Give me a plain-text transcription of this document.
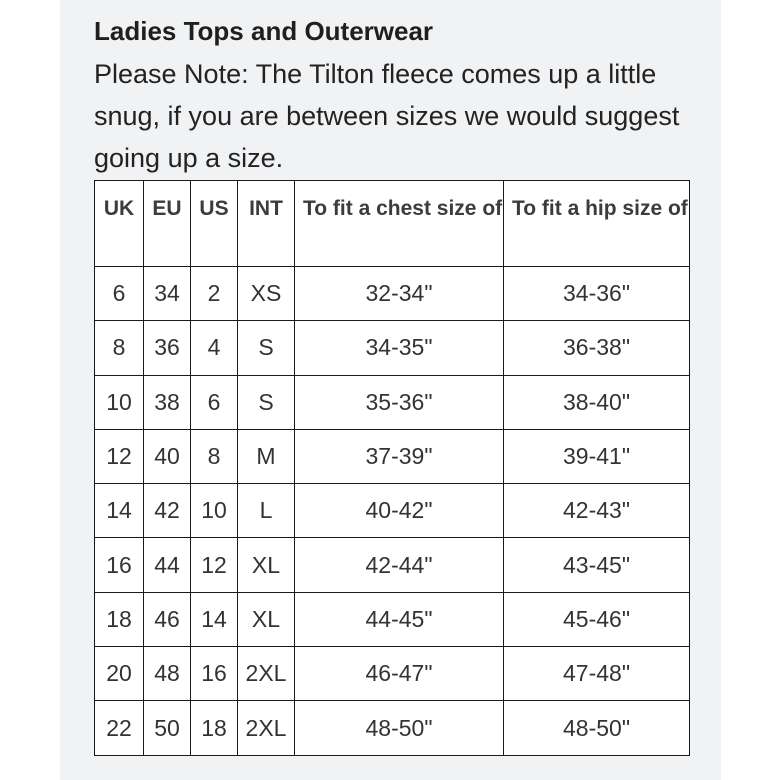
Ladies Tops and Outerwear
Please Note: The Tilton fleece comes up a little snug, if you are between sizes we would suggest going up a size.
UK	EU	US	INT	To fit a chest size of	To fit a hip size of
6	34	2	XS	32-34"	34-36"
8	36	4	S	34-35"	36-38"
10	38	6	S	35-36"	38-40"
12	40	8	M	37-39"	39-41"
14	42	10	L	40-42"	42-43"
16	44	12	XL	42-44"	43-45"
18	46	14	XL	44-45"	45-46"
20	48	16	2XL	46-47"	47-48"
22	50	18	2XL	48-50"	48-50"
